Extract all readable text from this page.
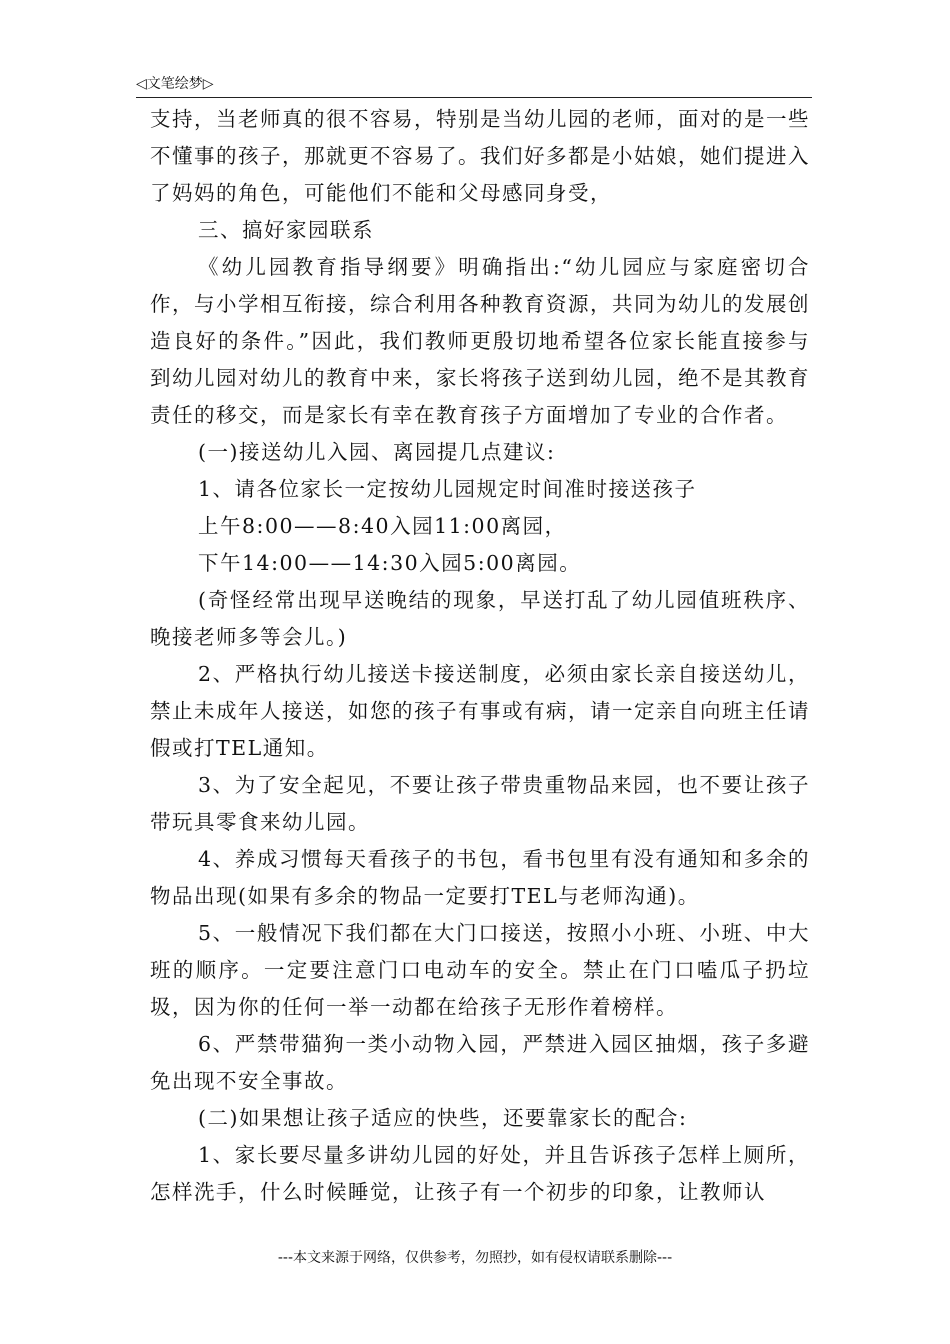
◁文笔绘梦▷

支持，当老师真的很不容易，特别是当幼儿园的老师，面对的是一些不懂事的孩子，那就更不容易了。我们好多都是小姑娘，她们提进入了妈妈的角色，可能他们不能和父母感同身受，

三、搞好家园联系

《幼儿园教育指导纲要》明确指出:“幼儿园应与家庭密切合作，与小学相互衔接，综合利用各种教育资源，共同为幼儿的发展创造良好的条件。”因此，我们教师更殷切地希望各位家长能直接参与到幼儿园对幼儿的教育中来，家长将孩子送到幼儿园，绝不是其教育责任的移交，而是家长有幸在教育孩子方面增加了专业的合作者。

(一)接送幼儿入园、离园提几点建议:

1、请各位家长一定按幼儿园规定时间准时接送孩子

上午8:00——8:40入园11:00离园，

下午14:00——14:30入园5:00离园。

(奇怪经常出现早送晚结的现象，早送打乱了幼儿园值班秩序、晚接老师多等会儿。)

2、严格执行幼儿接送卡接送制度，必须由家长亲自接送幼儿，禁止未成年人接送，如您的孩子有事或有病，请一定亲自向班主任请假或打TEL通知。

3、为了安全起见，不要让孩子带贵重物品来园，也不要让孩子带玩具零食来幼儿园。

4、养成习惯每天看孩子的书包，看书包里有没有通知和多余的物品出现(如果有多余的物品一定要打TEL与老师沟通)。

5、一般情况下我们都在大门口接送，按照小小班、小班、中大班的顺序。一定要注意门口电动车的安全。禁止在门口嗑瓜子扔垃圾，因为你的任何一举一动都在给孩子无形作着榜样。

6、严禁带猫狗一类小动物入园，严禁进入园区抽烟，孩子多避免出现不安全事故。

(二)如果想让孩子适应的快些，还要靠家长的配合:

1、家长要尽量多讲幼儿园的好处，并且告诉孩子怎样上厕所，怎样洗手，什么时候睡觉，让孩子有一个初步的印象，让教师认

---本文来源于网络，仅供参考，勿照抄，如有侵权请联系删除---
